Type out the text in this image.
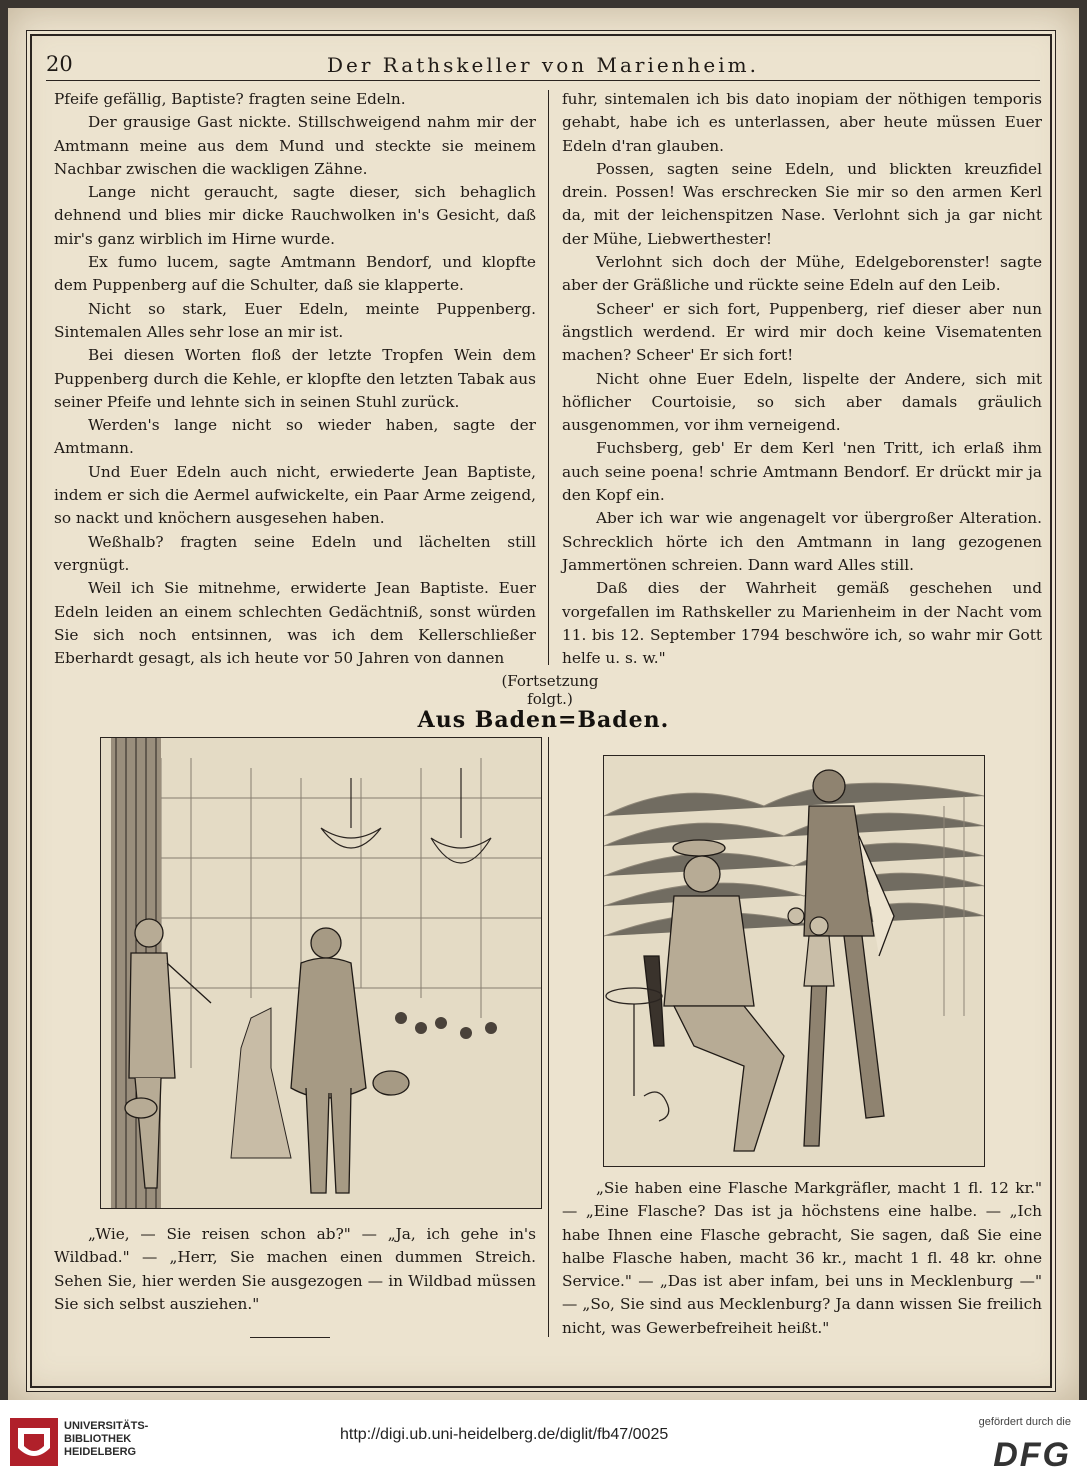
20	Der Rathskeller von Marienheim.

Pfeife gefällig, Baptiste? fragten seine Edeln.

Der grausige Gast nickte. Stillschweigend nahm mir der Amtmann meine aus dem Mund und steckte sie meinem Nachbar zwischen die wackligen Zähne.

Lange nicht geraucht, sagte dieser, sich behaglich dehnend und blies mir dicke Rauchwolken in's Gesicht, daß mir's ganz wirblich im Hirne wurde.

Ex fumo lucem, sagte Amtmann Bendorf, und klopfte dem Puppenberg auf die Schulter, daß sie klapperte.

Nicht so stark, Euer Edeln, meinte Puppenberg. Sintemalen Alles sehr lose an mir ist.

Bei diesen Worten floß der letzte Tropfen Wein dem Puppenberg durch die Kehle, er klopfte den letzten Tabak aus seiner Pfeife und lehnte sich in seinen Stuhl zurück.

Werden's lange nicht so wieder haben, sagte der Amtmann.

Und Euer Edeln auch nicht, erwiederte Jean Baptiste, indem er sich die Aermel aufwickelte, ein Paar Arme zeigend, so nackt und knöchern ausgesehen haben.

Weßhalb? fragten seine Edeln und lächelten still vergnügt.

Weil ich Sie mitnehme, erwiderte Jean Baptiste. Euer Edeln leiden an einem schlechten Gedächtniß, sonst würden Sie sich noch entsinnen, was ich dem Kellerschließer Eberhardt gesagt, als ich heute vor 50 Jahren von dannen

fuhr, sintemalen ich bis dato inopiam der nöthigen temporis gehabt, habe ich es unterlassen, aber heute müssen Euer Edeln d'ran glauben.

Possen, sagten seine Edeln, und blickten kreuzfidel drein. Possen! Was erschrecken Sie mir so den armen Kerl da, mit der leichenspitzen Nase. Verlohnt sich ja gar nicht der Mühe, Liebwerthester!

Verlohnt sich doch der Mühe, Edelgeborenster! sagte aber der Gräßliche und rückte seine Edeln auf den Leib.

Scheer' er sich fort, Puppenberg, rief dieser aber nun ängstlich werdend. Er wird mir doch keine Visematenten machen? Scheer' Er sich fort!

Nicht ohne Euer Edeln, lispelte der Andere, sich mit höflicher Courtoisie, so sich aber damals gräulich ausgenommen, vor ihm verneigend.

Fuchsberg, geb' Er dem Kerl 'nen Tritt, ich erlaß ihm auch seine poena! schrie Amtmann Bendorf. Er drückt mir ja den Kopf ein.

Aber ich war wie angenagelt vor übergroßer Alteration. Schrecklich hörte ich den Amtmann in lang gezogenen Jammertönen schreien. Dann ward Alles still.

Daß dies der Wahrheit gemäß geschehen und vorgefallen im Rathskeller zu Marienheim in der Nacht vom 11. bis 12. September 1794 beschwöre ich, so wahr mir Gott helfe u. s. w."

(Fortsetzung folgt.)
Aus Baden=Baden.

„Wie, — Sie reisen schon ab?" — „Ja, ich gehe in's Wildbad." — „Herr, Sie machen einen dummen Streich. Sehen Sie, hier werden Sie ausgezogen — in Wildbad müssen Sie sich selbst ausziehen."

„Sie haben eine Flasche Markgräfler, macht 1 fl. 12 kr." — „Eine Flasche? Das ist ja höchstens eine halbe. — „Ich habe Ihnen eine Flasche gebracht, Sie sagen, daß Sie eine halbe Flasche haben, macht 36 kr., macht 1 fl. 48 kr. ohne Service." — „Das ist aber infam, bei uns in Mecklenburg —" — „So, Sie sind aus Mecklenburg? Ja dann wissen Sie freilich nicht, was Gewerbefreiheit heißt."

UNIVERSITÄTS-BIBLIOTHEK HEIDELBERG
http://digi.ub.uni-heidelberg.de/diglit/fb47/0025
gefördert durch die
DFG
